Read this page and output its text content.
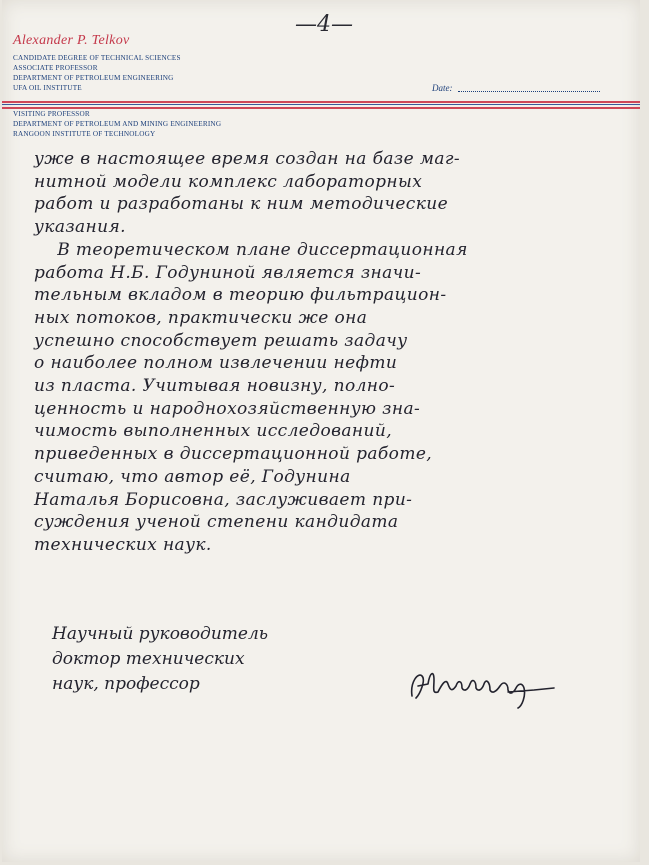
—4—
Alexander P. Telkov
CANDIDATE DEGREE OF TECHNICAL SCIENCES
ASSOCIATE PROFESSOR
DEPARTMENT OF PETROLEUM ENGINEERING
UFA OIL INSTITUTE	Date:
VISITING PROFESSOR
DEPARTMENT OF PETROLEUM AND MINING ENGINEERING
RANGOON INSTITUTE OF TECHNOLOGY
уже в настоящее время создан на базе маг-
нитной модели комплекс лабораторных
работ и разработаны к ним методические
указания.
В теоретическом плане диссертационная
работа Н.Б. Годуниной является значи-
тельным вкладом в теорию фильтрацион-
ных потоков, практически же она
успешно способствует решать задачу
о наиболее полном извлечении нефти
из пласта. Учитывая новизну, полно-
ценность и народнохозяйственную зна-
чимость выполненных исследований,
приведенных в диссертационной работе,
считаю, что автор её, Годунина
Наталья Борисовна, заслуживает при-
суждения ученой степени кандидата
технических наук.
Научный руководитель
доктор технических
наук, профессор
